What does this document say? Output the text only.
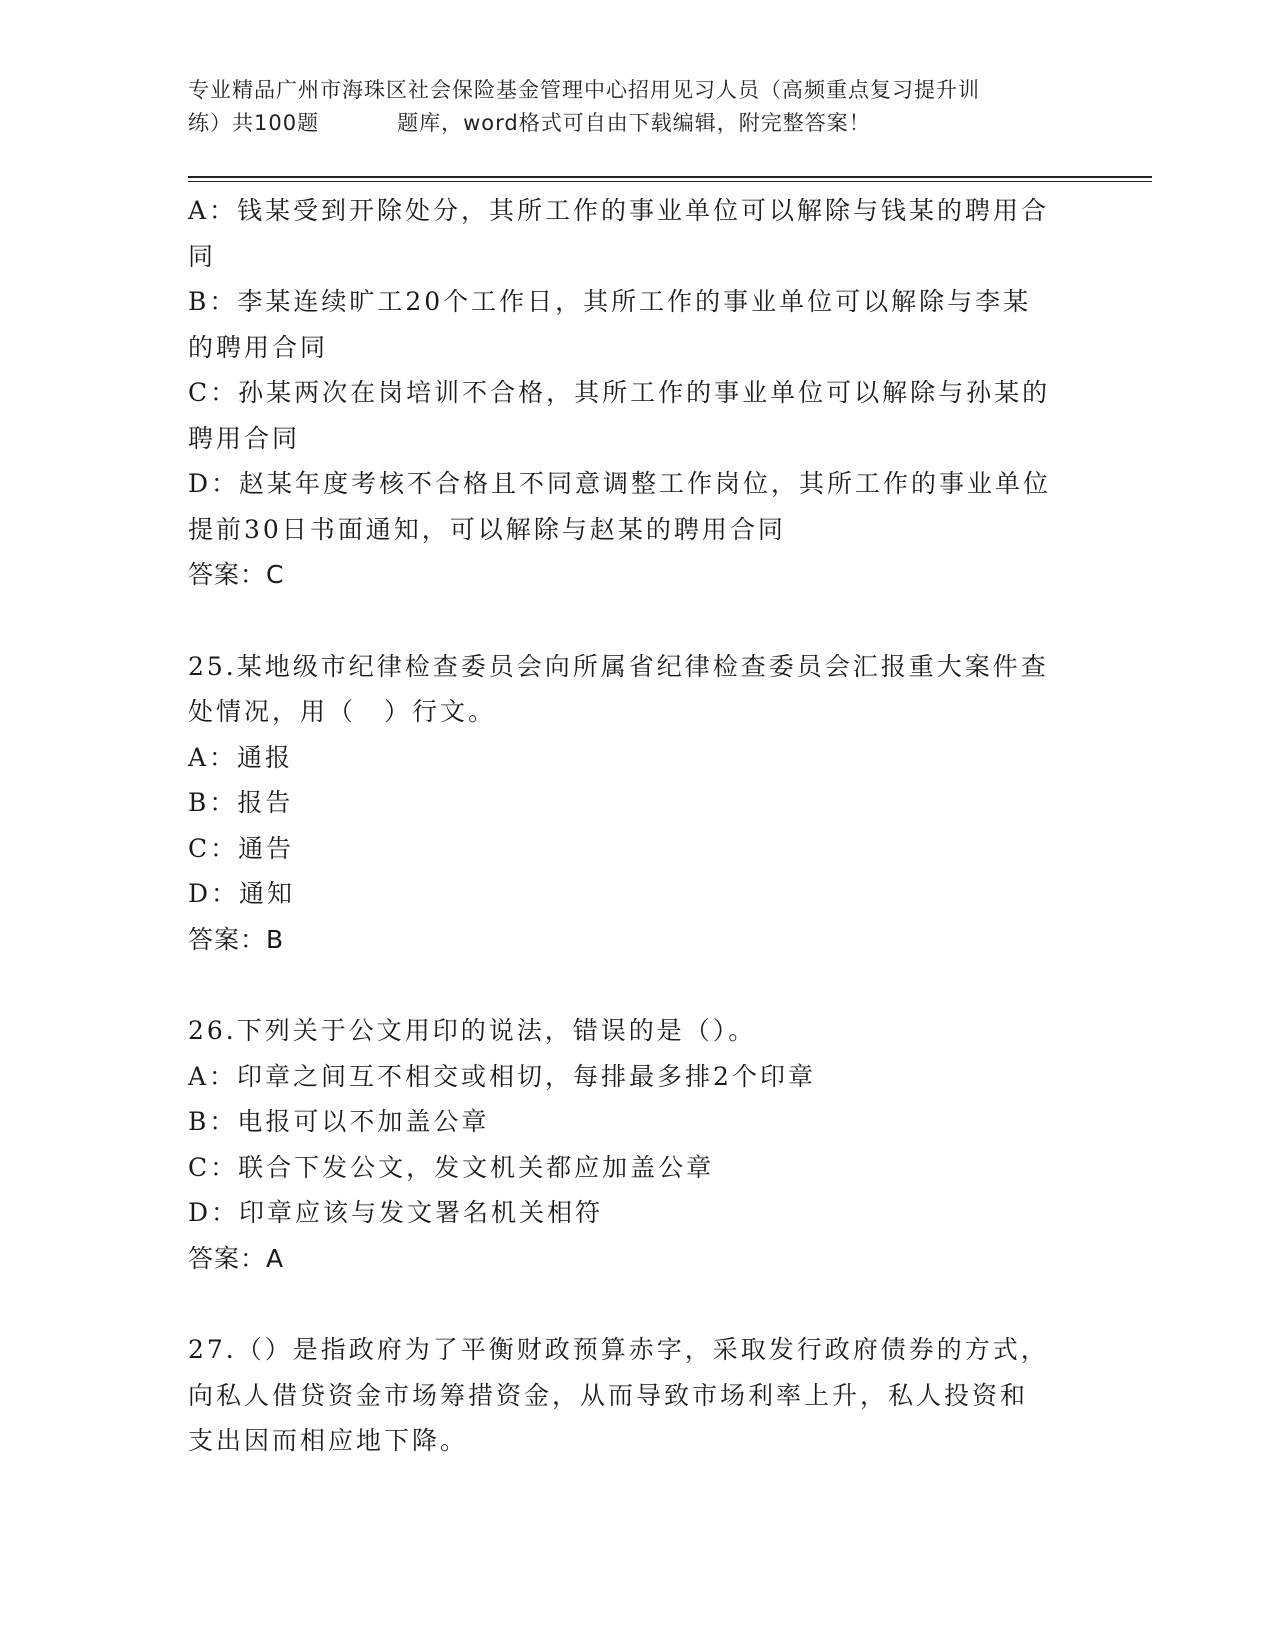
专业精品广州市海珠区社会保险基金管理中心招用见习人员（高频重点复习提升训
练）共100题	题库，word格式可自由下载编辑，附完整答案！

A：钱某受到开除处分，其所工作的事业单位可以解除与钱某的聘用合

同

B：李某连续旷工20个工作日，其所工作的事业单位可以解除与李某

的聘用合同

C：孙某两次在岗培训不合格，其所工作的事业单位可以解除与孙某的

聘用合同

D：赵某年度考核不合格且不同意调整工作岗位，其所工作的事业单位

提前30日书面通知，可以解除与赵某的聘用合同

答案：C

25.某地级市纪律检查委员会向所属省纪律检查委员会汇报重大案件查

处情况，用（　）行文。

A：通报

B：报告

C：通告

D：通知

答案：B

26.下列关于公文用印的说法，错误的是（）。

A：印章之间互不相交或相切，每排最多排2个印章

B：电报可以不加盖公章

C：联合下发公文，发文机关都应加盖公章

D：印章应该与发文署名机关相符

答案：A

27.（）是指政府为了平衡财政预算赤字，采取发行政府债券的方式，

向私人借贷资金市场筹措资金，从而导致市场利率上升，私人投资和

支出因而相应地下降。
